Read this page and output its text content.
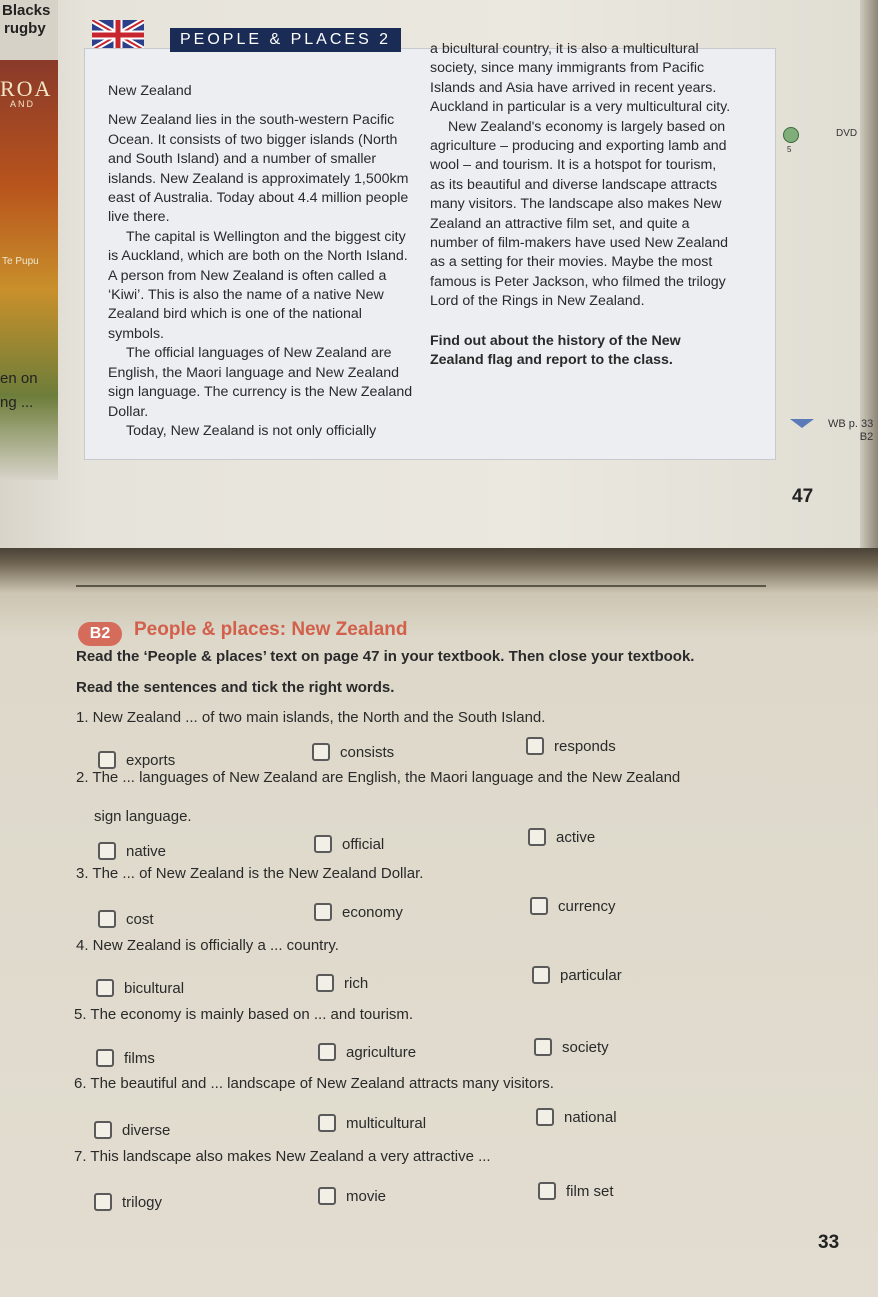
Blacks
rugby
ROA
AND
Te Pupu
en on
ng ...
PEOPLE & PLACES 2

New Zealand

New Zealand lies in the south-western Pacific Ocean. It consists of two bigger islands (North and South Island) and a number of smaller islands. New Zealand is approximately 1,500km east of Australia. Today about 4.4 million people live there.

The capital is Wellington and the biggest city is Auckland, which are both on the North Island. A person from New Zealand is often called a ‘Kiwi’. This is also the name of a native New Zealand bird which is one of the national symbols.

The official languages of New Zealand are English, the Maori language and New Zealand sign language. The currency is the New Zealand Dollar.

Today, New Zealand is not only officially

a bicultural country, it is also a multicultural society, since many immigrants from Pacific Islands and Asia have arrived in recent years. Auckland in particular is a very multicultural city.

New Zealand's economy is largely based on agriculture – producing and exporting lamb and wool – and tourism. It is a hotspot for tourism, as its beautiful and diverse landscape attracts many visitors. The landscape also makes New Zealand an attractive film set, and quite a number of film-makers have used New Zealand as a setting for their movies. Maybe the most famous is Peter Jackson, who filmed the trilogy Lord of the Rings in New Zealand.

Find out about the history of the New Zealand flag and report to the class.

5
DVD
WB p. 33
B2
47
B2	People & places: New Zealand
Read the ‘People & places’ text on page 47 in your textbook. Then close your textbook.
Read the sentences and tick the right words.
1. New Zealand ... of two main islands, the North and the South Island.
exports	consists	responds
2. The ... languages of New Zealand are English, the Maori language and the New Zealand
sign language.
native	official	active
3. The ... of New Zealand is the New Zealand Dollar.
cost	economy	currency
4. New Zealand is officially a ... country.
bicultural	rich	particular
5. The economy is mainly based on ... and tourism.
films	agriculture	society
6. The beautiful and ... landscape of New Zealand attracts many visitors.
diverse	multicultural	national
7. This landscape also makes New Zealand a very attractive ...
trilogy	movie	film set
33
